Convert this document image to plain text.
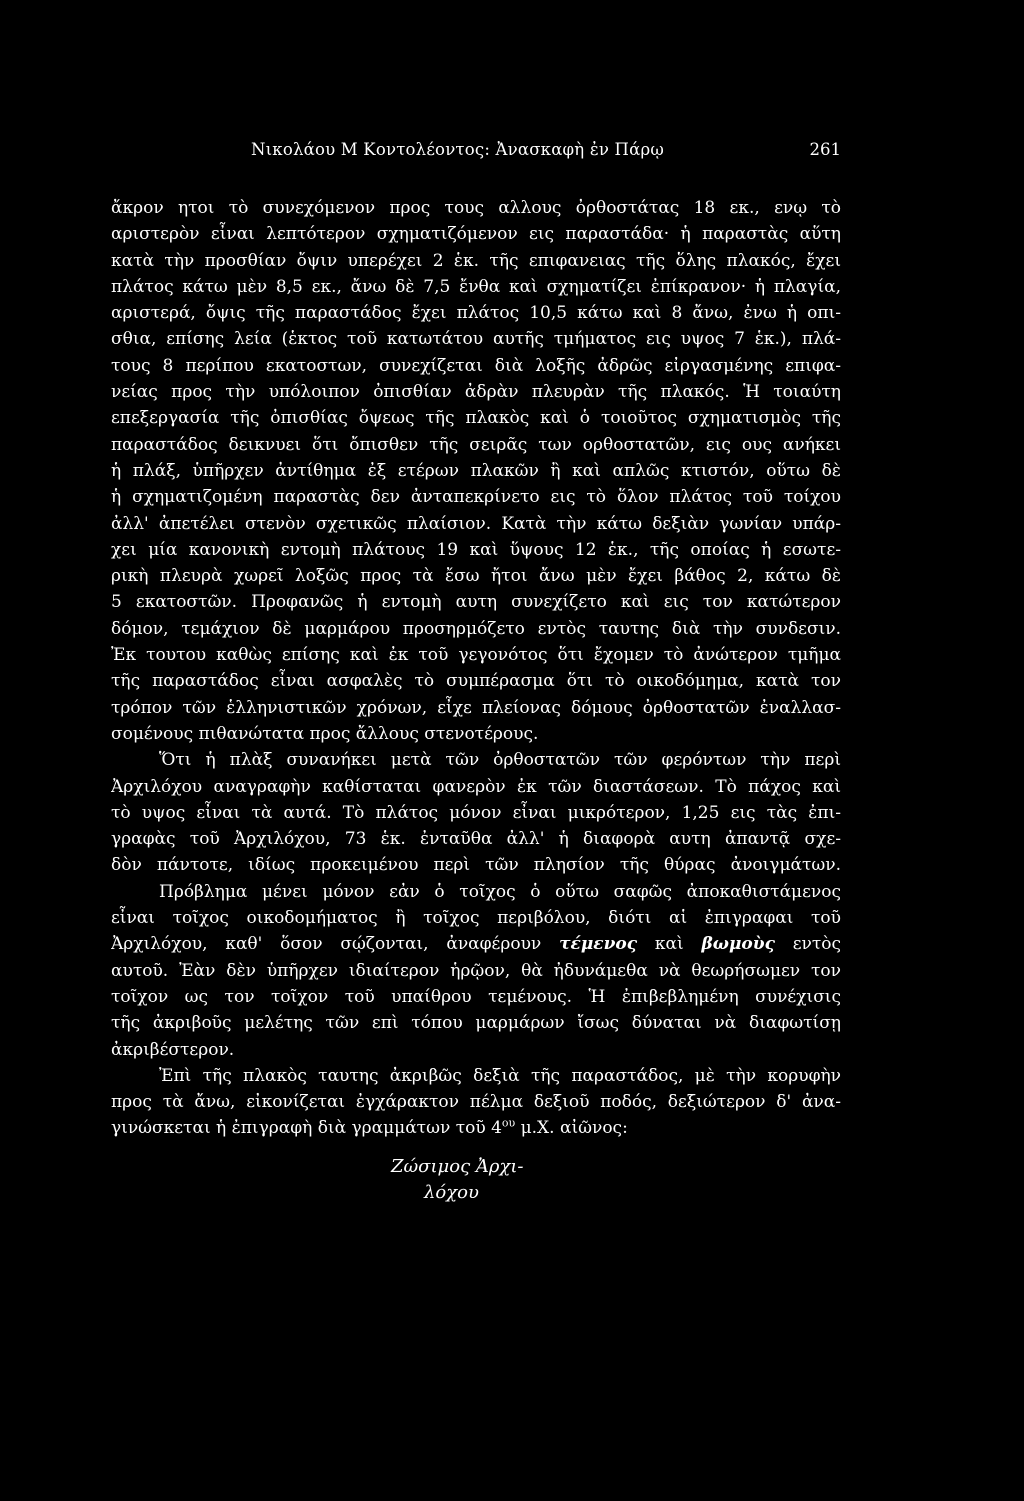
Νικολάου Μ Κοντολέοντος: Ἀνασκαφὴ ἐν Πάρῳ	261
ἄκρον ητοι τὸ συνεχόμενον προς τους αλλους ὀρθοστάτας 18 εκ., ενῳ τὸ
αριστερὸν εἶναι λεπτότερον σχηματιζόμενον εις παραστάδα· ἡ παραστὰς αὕτη
κατὰ τὴν προσθίαν ὄψιν υπερέχει 2 ἑκ. τῆς επιφανειας τῆς ὅλης πλακός, ἔχει
πλάτος κάτω μὲν 8,5 εκ., ἄνω δὲ 7,5 ἔνθα καὶ σχηματίζει ἐπίκρανον· ἡ πλαγία,
αριστερά, ὄψις τῆς παραστάδος ἔχει πλάτος 10,5 κάτω καὶ 8 ἄνω, ἐνω ἡ οπι-
σθια, επίσης λεία (ἑκτος τοῦ κατωτάτου αυτῆς τμήματος εις υψος 7 ἑκ.), πλά-
τους 8 περίπου εκατοστων, συνεχίζεται διὰ λοξῆς ἀδρῶς εἰργασμένης επιφα-
νείας προς τὴν υπόλοιπον ὀπισθίαν ἀδρὰν πλευρὰν τῆς πλακός. Ἡ τοιαύτη
επεξεργασία τῆς ὀπισθίας ὄψεως τῆς πλακὸς καὶ ὁ τοιοῦτος σχηματισμὸς τῆς
παραστάδος δεικνυει ὅτι ὄπισθεν τῆς σειρᾶς των ορθοστατῶν, εις ους ανήκει
ἡ πλάξ, ὑπῆρχεν ἀντίθημα ἐξ ετέρων πλακῶν ἢ καὶ απλῶς κτιστόν, οὕτω δὲ
ἡ σχηματιζομένη παραστὰς δεν ἀνταπεκρίνετο εις τὸ ὅλον πλάτος τοῦ τοίχου
ἀλλ' ἀπετέλει στενὸν σχετικῶς πλαίσιον. Κατὰ τὴν κάτω δεξιὰν γωνίαν υπάρ-
χει μία κανονικὴ εντομὴ πλάτους 19 καὶ ὕψους 12 ἑκ., τῆς οποίας ἡ εσωτε-
ρικὴ πλευρὰ χωρεῖ λοξῶς προς τὰ ἔσω ἤτοι ἄνω μὲν ἔχει βάθος 2, κάτω δὲ
5 εκατοστῶν. Προφανῶς ἡ εντομὴ αυτη συνεχίζετο καὶ εις τον κατώτερον
δόμον, τεμάχιον δὲ μαρμάρου προσηρμόζετο εντὸς ταυτης διὰ τὴν συνδεσιν.
Ἐκ τουτου καθὼς επίσης καὶ ἐκ τοῦ γεγονότος ὅτι ἔχομεν τὸ ἀνώτερον τμῆμα
τῆς παραστάδος εἶναι ασφαλὲς τὸ συμπέρασμα ὅτι τὸ οικοδόμημα, κατὰ τον
τρόπον τῶν ἑλληνιστικῶν χρόνων, εἶχε πλείονας δόμους ὀρθοστατῶν ἐναλλασ-
σομένους πιθανώτατα προς ἄλλους στενοτέρους.
Ὅτι ἡ πλὰξ συνανήκει μετὰ τῶν ὀρθοστατῶν τῶν φερόντων τὴν περὶ
Ἀρχιλόχου αναγραφὴν καθίσταται φανερὸν ἐκ τῶν διαστάσεων. Τὸ πάχος καὶ
τὸ υψος εἶναι τὰ αυτά. Τὸ πλάτος μόνον εἶναι μικρότερον, 1,25 εις τὰς ἐπι-
γραφὰς τοῦ Ἀρχιλόχου, 73 ἑκ. ἐνταῦθα ἀλλ' ἡ διαφορὰ αυτη ἀπαντᾷ σχε-
δὸν πάντοτε, ιδίως προκειμένου περὶ τῶν πλησίον τῆς θύρας ἀνοιγμάτων.
Πρόβλημα μένει μόνον εἀν ὁ τοῖχος ὁ οὕτω σαφῶς ἀποκαθιστάμενος
εἶναι τοῖχος οικοδομήματος ἢ τοῖχος περιβόλου, διότι αἱ ἐπιγραφαι τοῦ
Ἀρχιλόχου, καθ' ὅσον σῴζονται, ἀναφέρουν τέμενος καὶ βωμοὺς εντὸς
αυτοῦ. Ἐὰν δὲν ὑπῆρχεν ιδιαίτερον ἡρῷον, θὰ ἠδυνάμεθα νὰ θεωρήσωμεν τον
τοῖχον ως τον τοῖχον τοῦ υπαίθρου τεμένους. Ἡ ἐπιβεβλημένη συνέχισις
τῆς ἀκριβοῦς μελέτης τῶν επὶ τόπου μαρμάρων ἴσως δύναται νὰ διαφωτίσῃ
ἀκριβέστερον.
Ἐπὶ τῆς πλακὸς ταυτης ἀκριβῶς δεξιὰ τῆς παραστάδος, μὲ τὴν κορυφὴν
προς τὰ ἄνω, εἰκονίζεται ἐγχάρακτον πέλμα δεξιοῦ ποδός, δεξιώτερον δ' ἀνα-
γινώσκεται ἡ ἐπιγραφὴ διὰ γραμμάτων τοῦ $4^{o\upsilon}$ μ.Χ. αἰῶνος:
Ζώσιμος Ἀρχι-
λόχου
